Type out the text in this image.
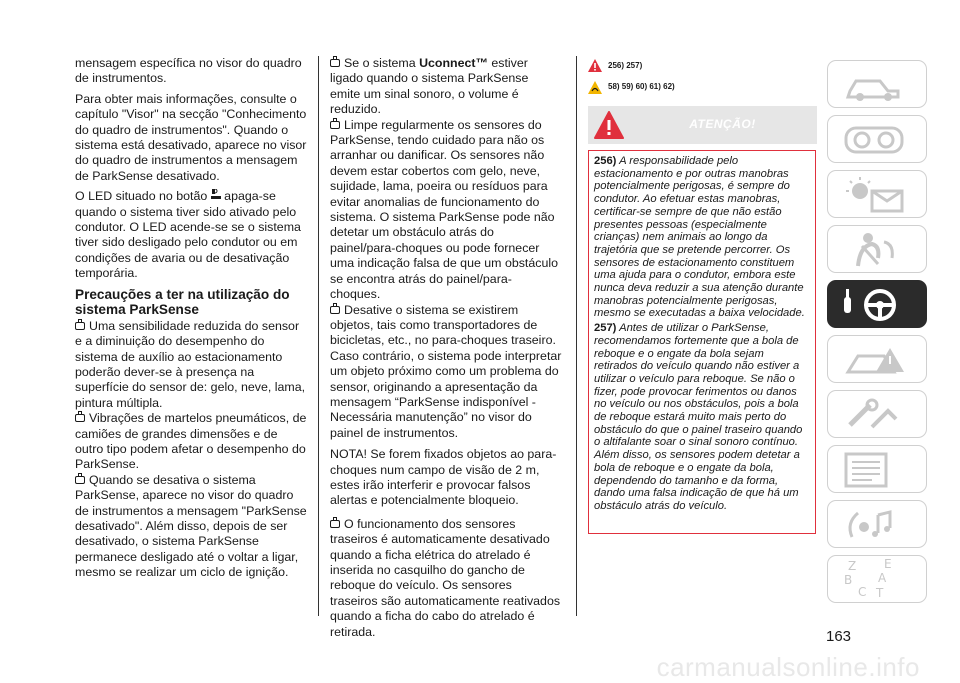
mensagem específica no visor do quadro de instrumentos.

Para obter mais informações, consulte o capítulo "Visor" na secção "Conhecimento do quadro de instrumentos". Quando o sistema está desativado, aparece no visor do quadro de instrumentos a mensagem de ParkSense desativado.

O LED situado no botão OFF apaga-se quando o sistema tiver sido ativado pelo condutor. O LED acende-se se o sistema tiver sido desligado pelo condutor ou em condições de avaria ou de desativação temporária.

Precauções a ter na utilização do sistema ParkSense
Uma sensibilidade reduzida do sensor e a diminuição do desempenho do sistema de auxílio ao estacionamento poderão dever-se à presença na superfície do sensor de: gelo, neve, lama, pintura múltipla.
Vibrações de martelos pneumáticos, de camiões de grandes dimensões e de outro tipo podem afetar o desempenho do ParkSense.
Quando se desativa o sistema ParkSense, aparece no visor do quadro de instrumentos a mensagem "ParkSense desativado". Além disso, depois de ser desativado, o sistema ParkSense permanece desligado até o voltar a ligar, mesmo se realizar um ciclo de ignição.
Se o sistema Uconnect™ estiver ligado quando o sistema ParkSense emite um sinal sonoro, o volume é reduzido.
Limpe regularmente os sensores do ParkSense, tendo cuidado para não os arranhar ou danificar. Os sensores não devem estar cobertos com gelo, neve, sujidade, lama, poeira ou resíduos para evitar anomalias de funcionamento do sistema. O sistema ParkSense pode não detetar um obstáculo atrás do painel/para-choques ou pode fornecer uma indicação falsa de que um obstáculo se encontra atrás do painel/para-choques.
Desative o sistema se existirem objetos, tais como transportadores de bicicletas, etc., no para-choques traseiro. Caso contrário, o sistema pode interpretar um objeto próximo como um problema do sensor, originando a apresentação da mensagem “ParkSense indisponível - Necessária manutenção” no visor do painel de instrumentos.

NOTA! Se forem fixados objetos ao para-choques num campo de visão de 2 m, estes irão interferir e provocar falsos alertas e potencialmente bloqueio.

O funcionamento dos sensores traseiros é automaticamente desativado quando a ficha elétrica do atrelado é inserida no casquilho do gancho de reboque do veículo. Os sensores traseiros são automaticamente reativados quando a ficha do cabo do atrelado é retirada.
256) 257)
58) 59) 60) 61) 62)
ATENÇÃO!

256) A responsabilidade pelo estacionamento e por outras manobras potencialmente perigosas, é sempre do condutor. Ao efetuar estas manobras, certificar-se sempre de que não estão presentes pessoas (especialmente crianças) nem animais ao longo da trajetória que se pretende percorrer. Os sensores de estacionamento constituem uma ajuda para o condutor, embora este nunca deva reduzir a sua atenção durante manobras potencialmente perigosas, mesmo se executadas a baixa velocidade.

257) Antes de utilizar o ParkSense, recomendamos fortemente que a bola de reboque e o engate da bola sejam retirados do veículo quando não estiver a utilizar o veículo para reboque. Se não o fizer, pode provocar ferimentos ou danos no veículo ou nos obstáculos, pois a bola de reboque estará muito mais perto do obstáculo do que o painel traseiro quando o altifalante soar o sinal sonoro contínuo. Além disso, os sensores podem detetar a bola de reboque e o engate da bola, dependendo do tamanho e da forma, dando uma falsa indicação de que há um obstáculo atrás do veículo.

Z E
B A
C T
163
carmanualsonline.info
